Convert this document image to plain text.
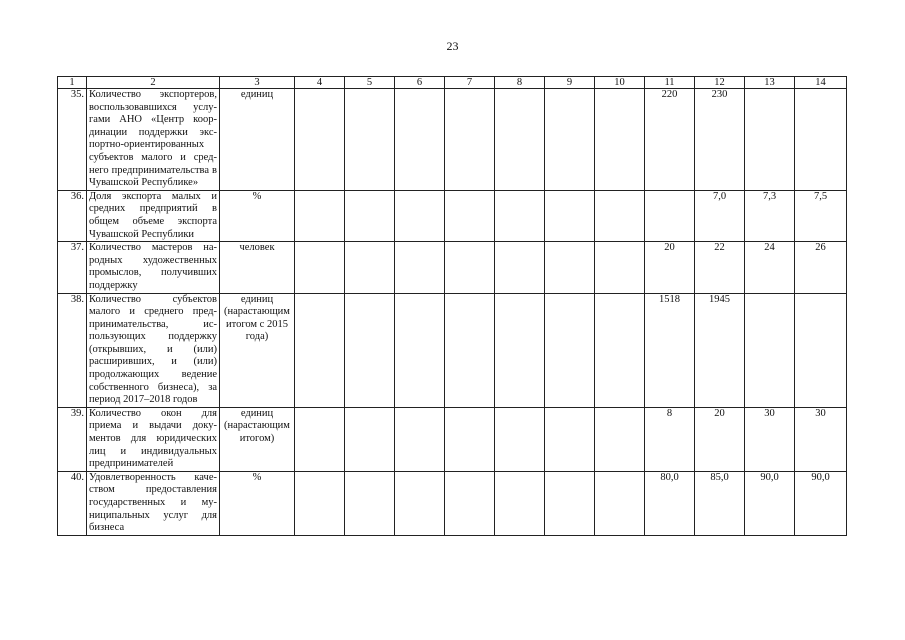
23
1	2	3	4	5	6	7	8	9	10	11	12	13	14
35.	Количество экспортеров, воспользовавшихся услугами АНО «Центр координации поддержки экспортно-ориентированных субъектов малого и среднего предпринимательства в Чувашской Республике»	единиц								220	230		
36.	Доля экспорта малых и средних предприятий в общем объеме экспорта Чувашской Республики	%									7,0	7,3	7,5
37.	Количество мастеров народных художественных промыслов, получивших поддержку	человек								20	22	24	26
38.	Количество субъектов малого и среднего предпринимательства, использующих поддержку (открывших, и (или) расширивших, и (или) продолжающих ведение собственного бизнеса), за период 2017–2018 годов	единиц (нарастающим итогом с 2015 года)								1518	1945		
39.	Количество окон для приема и выдачи документов для юридических лиц и индивидуальных предпринимателей	единиц (нарастающим итогом)								8	20	30	30
40.	Удовлетворенность качеством предоставления государственных и муниципальных услуг для бизнеса	%								80,0	85,0	90,0	90,0
